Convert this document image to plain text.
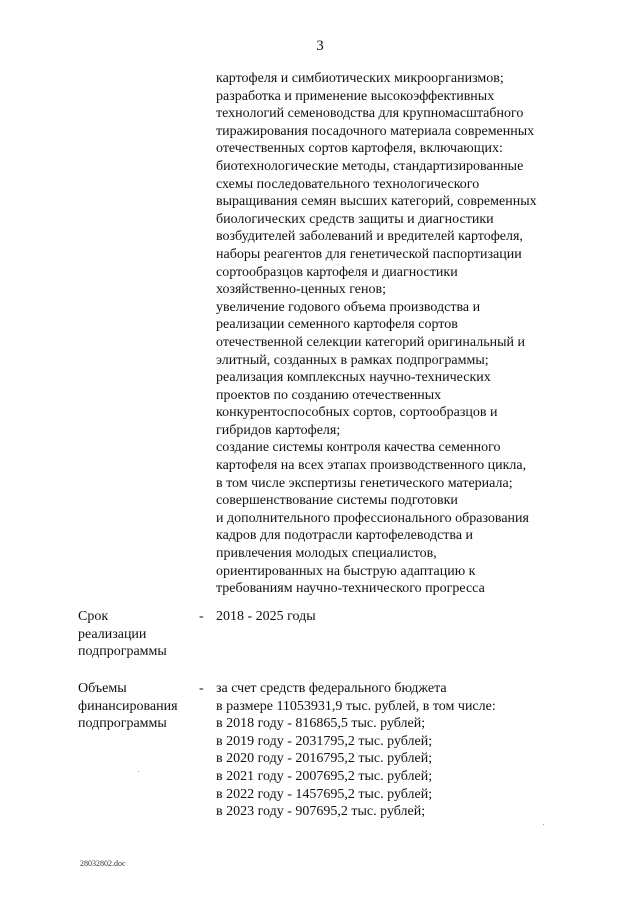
3
картофеля и симбиотических микроорганизмов;
разработка и применение высокоэффективных
технологий семеноводства для крупномасштабного
тиражирования посадочного материала современных
отечественных сортов картофеля, включающих:
биотехнологические методы, стандартизированные
схемы последовательного технологического
выращивания семян высших категорий, современных
биологических средств защиты и диагностики
возбудителей заболеваний и вредителей картофеля,
наборы реагентов для генетической паспортизации
сортообразцов картофеля и диагностики
хозяйственно-ценных генов;
увеличение годового объема производства и
реализации семенного картофеля сортов
отечественной селекции категорий оригинальный и
элитный, созданных в рамках подпрограммы;
реализация комплексных научно-технических
проектов по созданию отечественных
конкурентоспособных сортов, сортообразцов и
гибридов картофеля;
создание системы контроля качества семенного
картофеля на всех этапах производственного цикла,
в том числе экспертизы генетического материала;
совершенствование системы подготовки
и дополнительного профессионального образования
кадров для подотрасли картофелеводства и
привлечения молодых специалистов,
ориентированных на быструю адаптацию к
требованиям научно-технического прогресса
Срок
реализации
подпрограммы
- 2018 - 2025 годы
Объемы
финансирования
подпрограммы
- за счет средств федерального бюджета
в размере 11053931,9 тыс. рублей, в том числе:
в 2018 году - 816865,5 тыс. рублей;
в 2019 году - 2031795,2 тыс. рублей;
в 2020 году - 2016795,2 тыс. рублей;
в 2021 году - 2007695,2 тыс. рублей;
в 2022 году - 1457695,2 тыс. рублей;
в 2023 году - 907695,2 тыс. рублей;
28032802.doc
